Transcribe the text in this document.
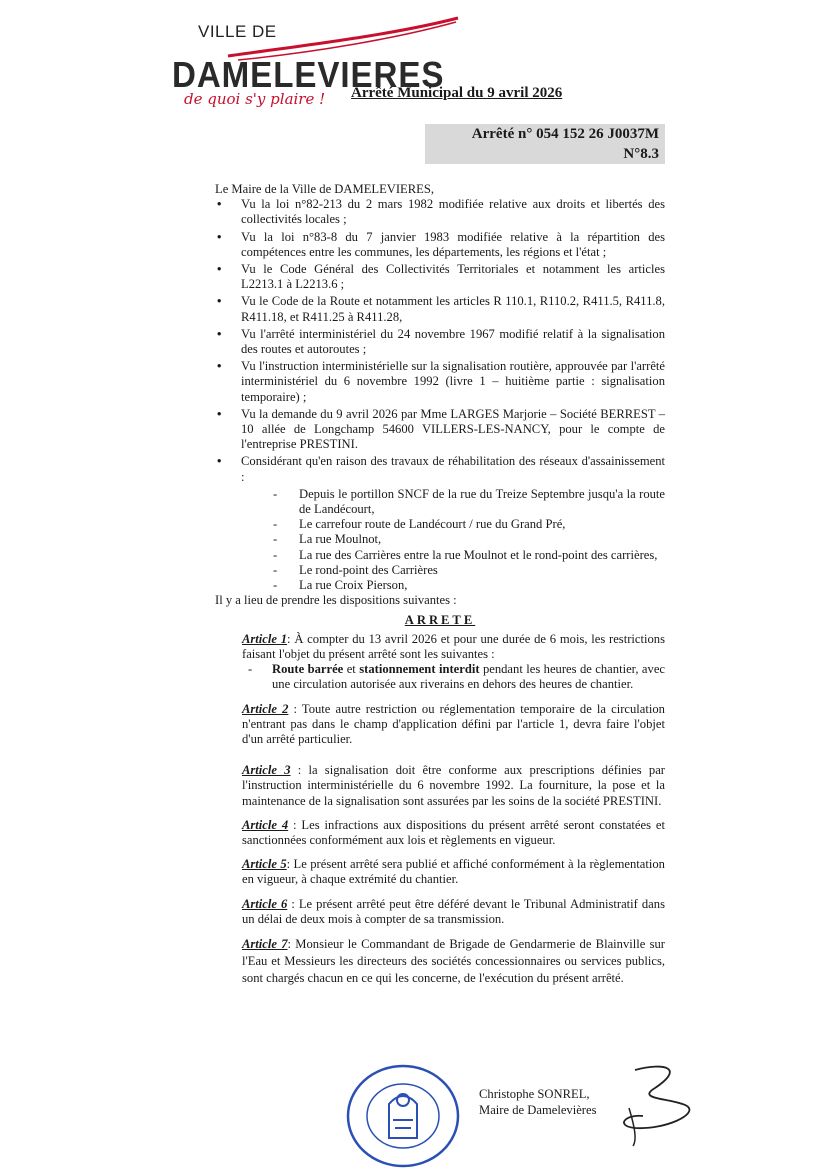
VILLE DE
DAMELEVIERES
de quoi s'y plaire ! Arrêté Municipal du 9 avril 2026
Arrêté n° 054 152 26 J0037M
N°8.3

Le Maire de la Ville de DAMELEVIERES,

• Vu la loi n°82-213 du 2 mars 1982 modifiée relative aux droits et libertés des collectivités locales ;
• Vu la loi n°83-8 du 7 janvier 1983 modifiée relative à la répartition des compétences entre les communes, les départements, les régions et l'état ;
• Vu le Code Général des Collectivités Territoriales et notamment les articles L2213.1 à L2213.6 ;
• Vu le Code de la Route et notamment les articles R 110.1, R110.2, R411.5, R411.8, R411.18, et R411.25 à R411.28,
• Vu l'arrêté interministériel du 24 novembre 1967 modifié relatif à la signalisation des routes et autoroutes ;
• Vu l'instruction interministérielle sur la signalisation routière, approuvée par l'arrêté interministériel du 6 novembre 1992 (livre 1 – huitième partie : signalisation temporaire) ;
• Vu la demande du 9 avril 2026 par Mme LARGES Marjorie – Société BERREST – 10 allée de Longchamp 54600 VILLERS-LES-NANCY, pour le compte de l'entreprise PRESTINI.
• Considérant qu'en raison des travaux de réhabilitation des réseaux d'assainissement :
- Depuis le portillon SNCF de la rue du Treize Septembre jusqu'a la route de Landécourt,
- Le carrefour route de Landécourt / rue du Grand Pré,
- La rue Moulnot,
- La rue des Carrières entre la rue Moulnot et le rond-point des carrières,
- Le rond-point des Carrières
- La rue Croix Pierson,

Il y a lieu de prendre les dispositions suivantes :

ARRETE

Article 1: À compter du 13 avril 2026 et pour une durée de 6 mois, les restrictions faisant l'objet du présent arrêté sont les suivantes :

- Route barrée et stationnement interdit pendant les heures de chantier, avec une circulation autorisée aux riverains en dehors des heures de chantier.

Article 2 : Toute autre restriction ou réglementation temporaire de la circulation n'entrant pas dans le champ d'application défini par l'article 1, devra faire l'objet d'un arrêté particulier.

Article 3 : la signalisation doit être conforme aux prescriptions définies par l'instruction interministérielle du 6 novembre 1992. La fourniture, la pose et la maintenance de la signalisation sont assurées par les soins de la société PRESTINI.

Article 4 : Les infractions aux dispositions du présent arrêté seront constatées et sanctionnées conformément aux lois et règlements en vigueur.

Article 5: Le présent arrêté sera publié et affiché conformément à la règlementation en vigueur, à chaque extrémité du chantier.

Article 6 : Le présent arrêté peut être déféré devant le Tribunal Administratif dans un délai de deux mois à compter de sa transmission.

Article 7: Monsieur le Commandant de Brigade de Gendarmerie de Blainville sur l'Eau et Messieurs les directeurs des sociétés concessionnaires ou services publics, sont chargés chacun en ce qui les concerne, de l'exécution du présent arrêté.

Christophe SONREL,
Maire de Damelevières
